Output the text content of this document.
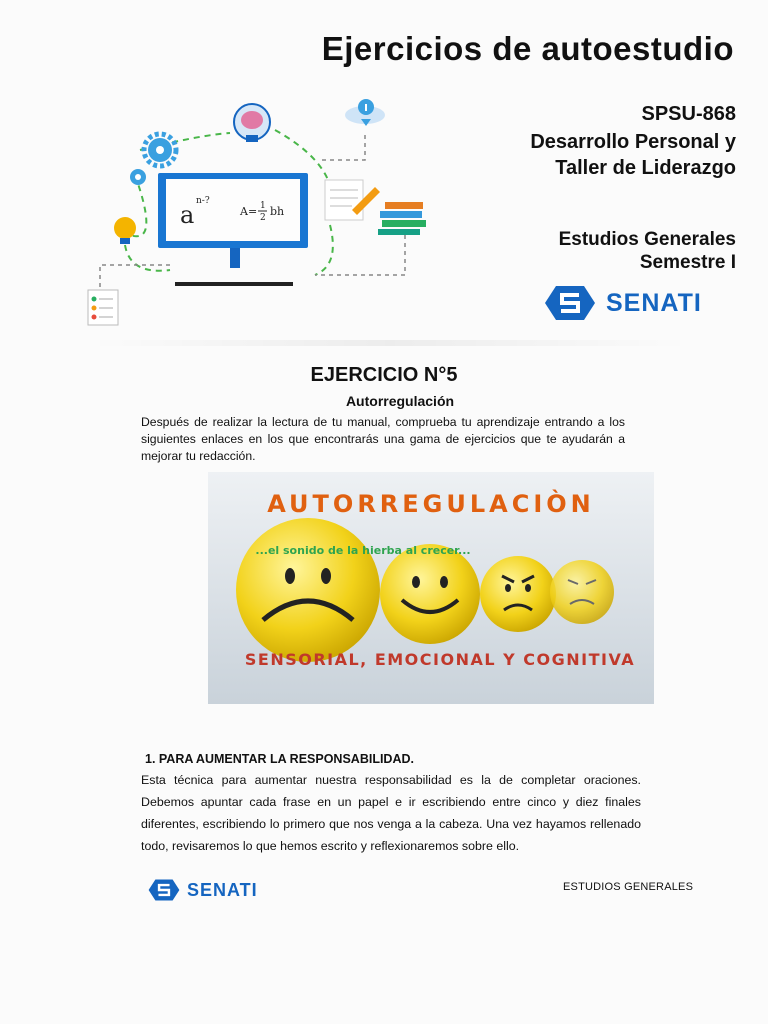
Ejercicios de autoestudio
SPSU-868
Desarrollo Personal y
Taller de Liderazgo
Estudios Generales
Semestre I
a n-?
A= 1
2 bh
SENATI
EJERCICIO N°5
Autorregulación
Después de realizar la lectura de tu manual, comprueba tu aprendizaje entrando a los siguientes enlaces en los que encontrarás una gama de ejercicios que te ayudarán a mejorar tu redacción.
AUTORREGULACIÒN
...el sonido de la hierba al crecer...
SENSORIAL, EMOCIONAL Y COGNITIVA
1. PARA AUMENTAR LA RESPONSABILIDAD.
Esta técnica para aumentar nuestra responsabilidad es la de completar oraciones. Debemos apuntar cada frase en un papel e ir escribiendo entre cinco y diez finales diferentes, escribiendo lo primero que nos venga a la cabeza. Una vez hayamos rellenado todo, revisaremos lo que hemos escrito y reflexionaremos sobre ello.
SENATI	ESTUDIOS GENERALES
